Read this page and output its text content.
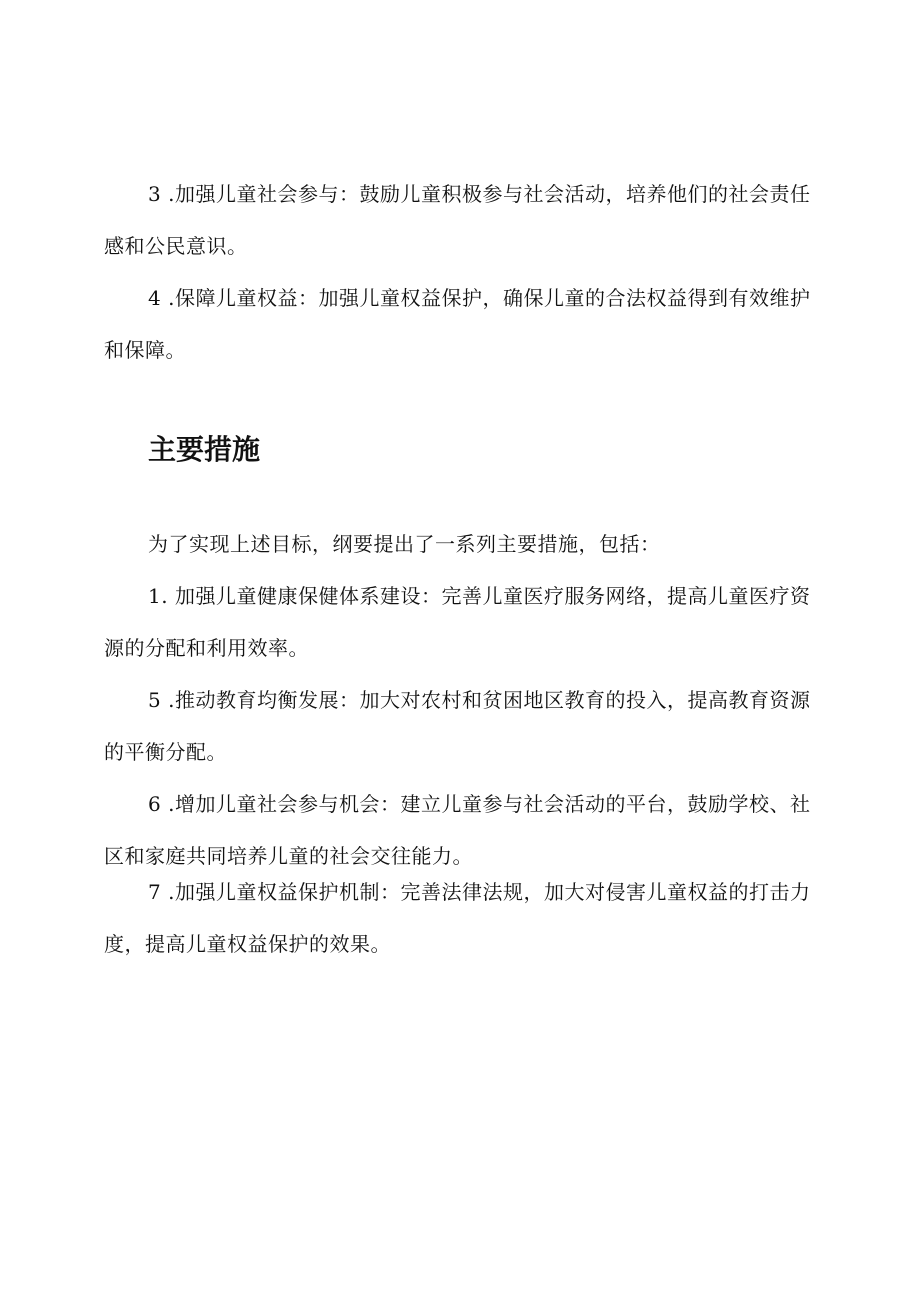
3 .加强儿童社会参与：鼓励儿童积极参与社会活动，培养他们的社会责任感和公民意识。

4 .保障儿童权益：加强儿童权益保护，确保儿童的合法权益得到有效维护和保障。

主要措施

为了实现上述目标，纲要提出了一系列主要措施，包括：

1. 加强儿童健康保健体系建设：完善儿童医疗服务网络，提高儿童医疗资源的分配和利用效率。

5 .推动教育均衡发展：加大对农村和贫困地区教育的投入，提高教育资源的平衡分配。

6 .增加儿童社会参与机会：建立儿童参与社会活动的平台，鼓励学校、社区和家庭共同培养儿童的社会交往能力。

7 .加强儿童权益保护机制：完善法律法规，加大对侵害儿童权益的打击力度，提高儿童权益保护的效果。
